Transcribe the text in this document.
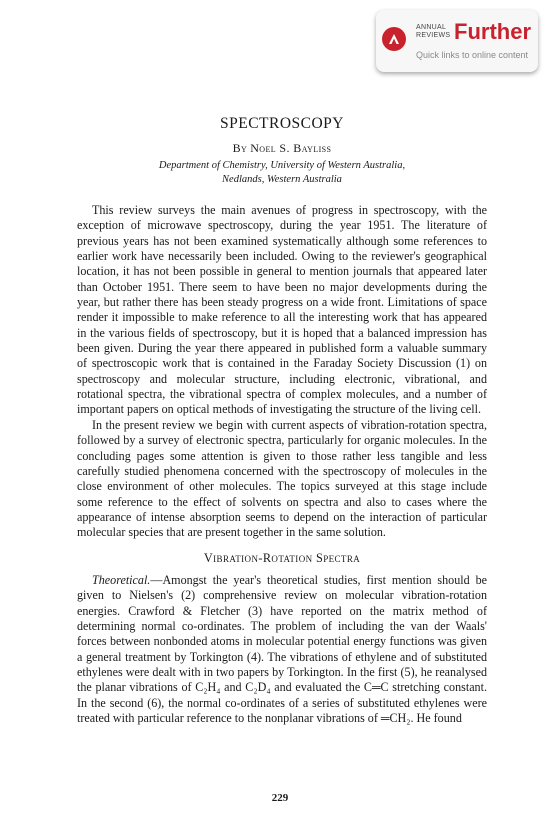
ANNUAL
REVIEWS Further
Quick links to online content
SPECTROSCOPY
By Noel S. Bayliss
Department of Chemistry, University of Western Australia,
Nedlands, Western Australia

This review surveys the main avenues of progress in spectroscopy, with the exception of microwave spectroscopy, during the year 1951. The literature of previous years has not been examined systematically although some references to earlier work have necessarily been included. Owing to the reviewer's geographical location, it has not been possible in general to mention journals that appeared later than October 1951. There seem to have been no major developments during the year, but rather there has been steady progress on a wide front. Limitations of space render it impossible to make reference to all the interesting work that has appeared in the various fields of spectroscopy, but it is hoped that a balanced impression has been given. During the year there appeared in published form a valuable summary of spectroscopic work that is contained in the Faraday Society Discussion (1) on spectroscopy and molecular structure, including electronic, vibrational, and rotational spectra, the vibrational spectra of complex molecules, and a number of important papers on optical methods of investigating the structure of the living cell.

In the present review we begin with current aspects of vibration-rotation spectra, followed by a survey of electronic spectra, particularly for organic molecules. In the concluding pages some attention is given to those rather less tangible and less carefully studied phenomena concerned with the spectroscopy of molecules in the close environment of other molecules. The topics surveyed at this stage include some reference to the effect of solvents on spectra and also to cases where the appearance of intense absorption seems to depend on the interaction of particular molecular species that are present together in the same solution.

Vibration-Rotation Spectra

Theoretical.—Amongst the year's theoretical studies, first mention should be given to Nielsen's (2) comprehensive review on molecular vibration-rotation energies. Crawford & Fletcher (3) have reported on the matrix method of determining normal co-ordinates. The problem of including the van der Waals' forces between nonbonded atoms in molecular potential energy functions was given a general treatment by Torkington (4). The vibrations of ethylene and of substituted ethylenes were dealt with in two papers by Torkington. In the first (5), he reanalysed the planar vibrations of C₂H₄ and C₂D₄ and evaluated the C═C stretching constant. In the second (6), the normal co-ordinates of a series of substituted ethylenes were treated with particular reference to the nonplanar vibrations of ═CH₂. He found

229
